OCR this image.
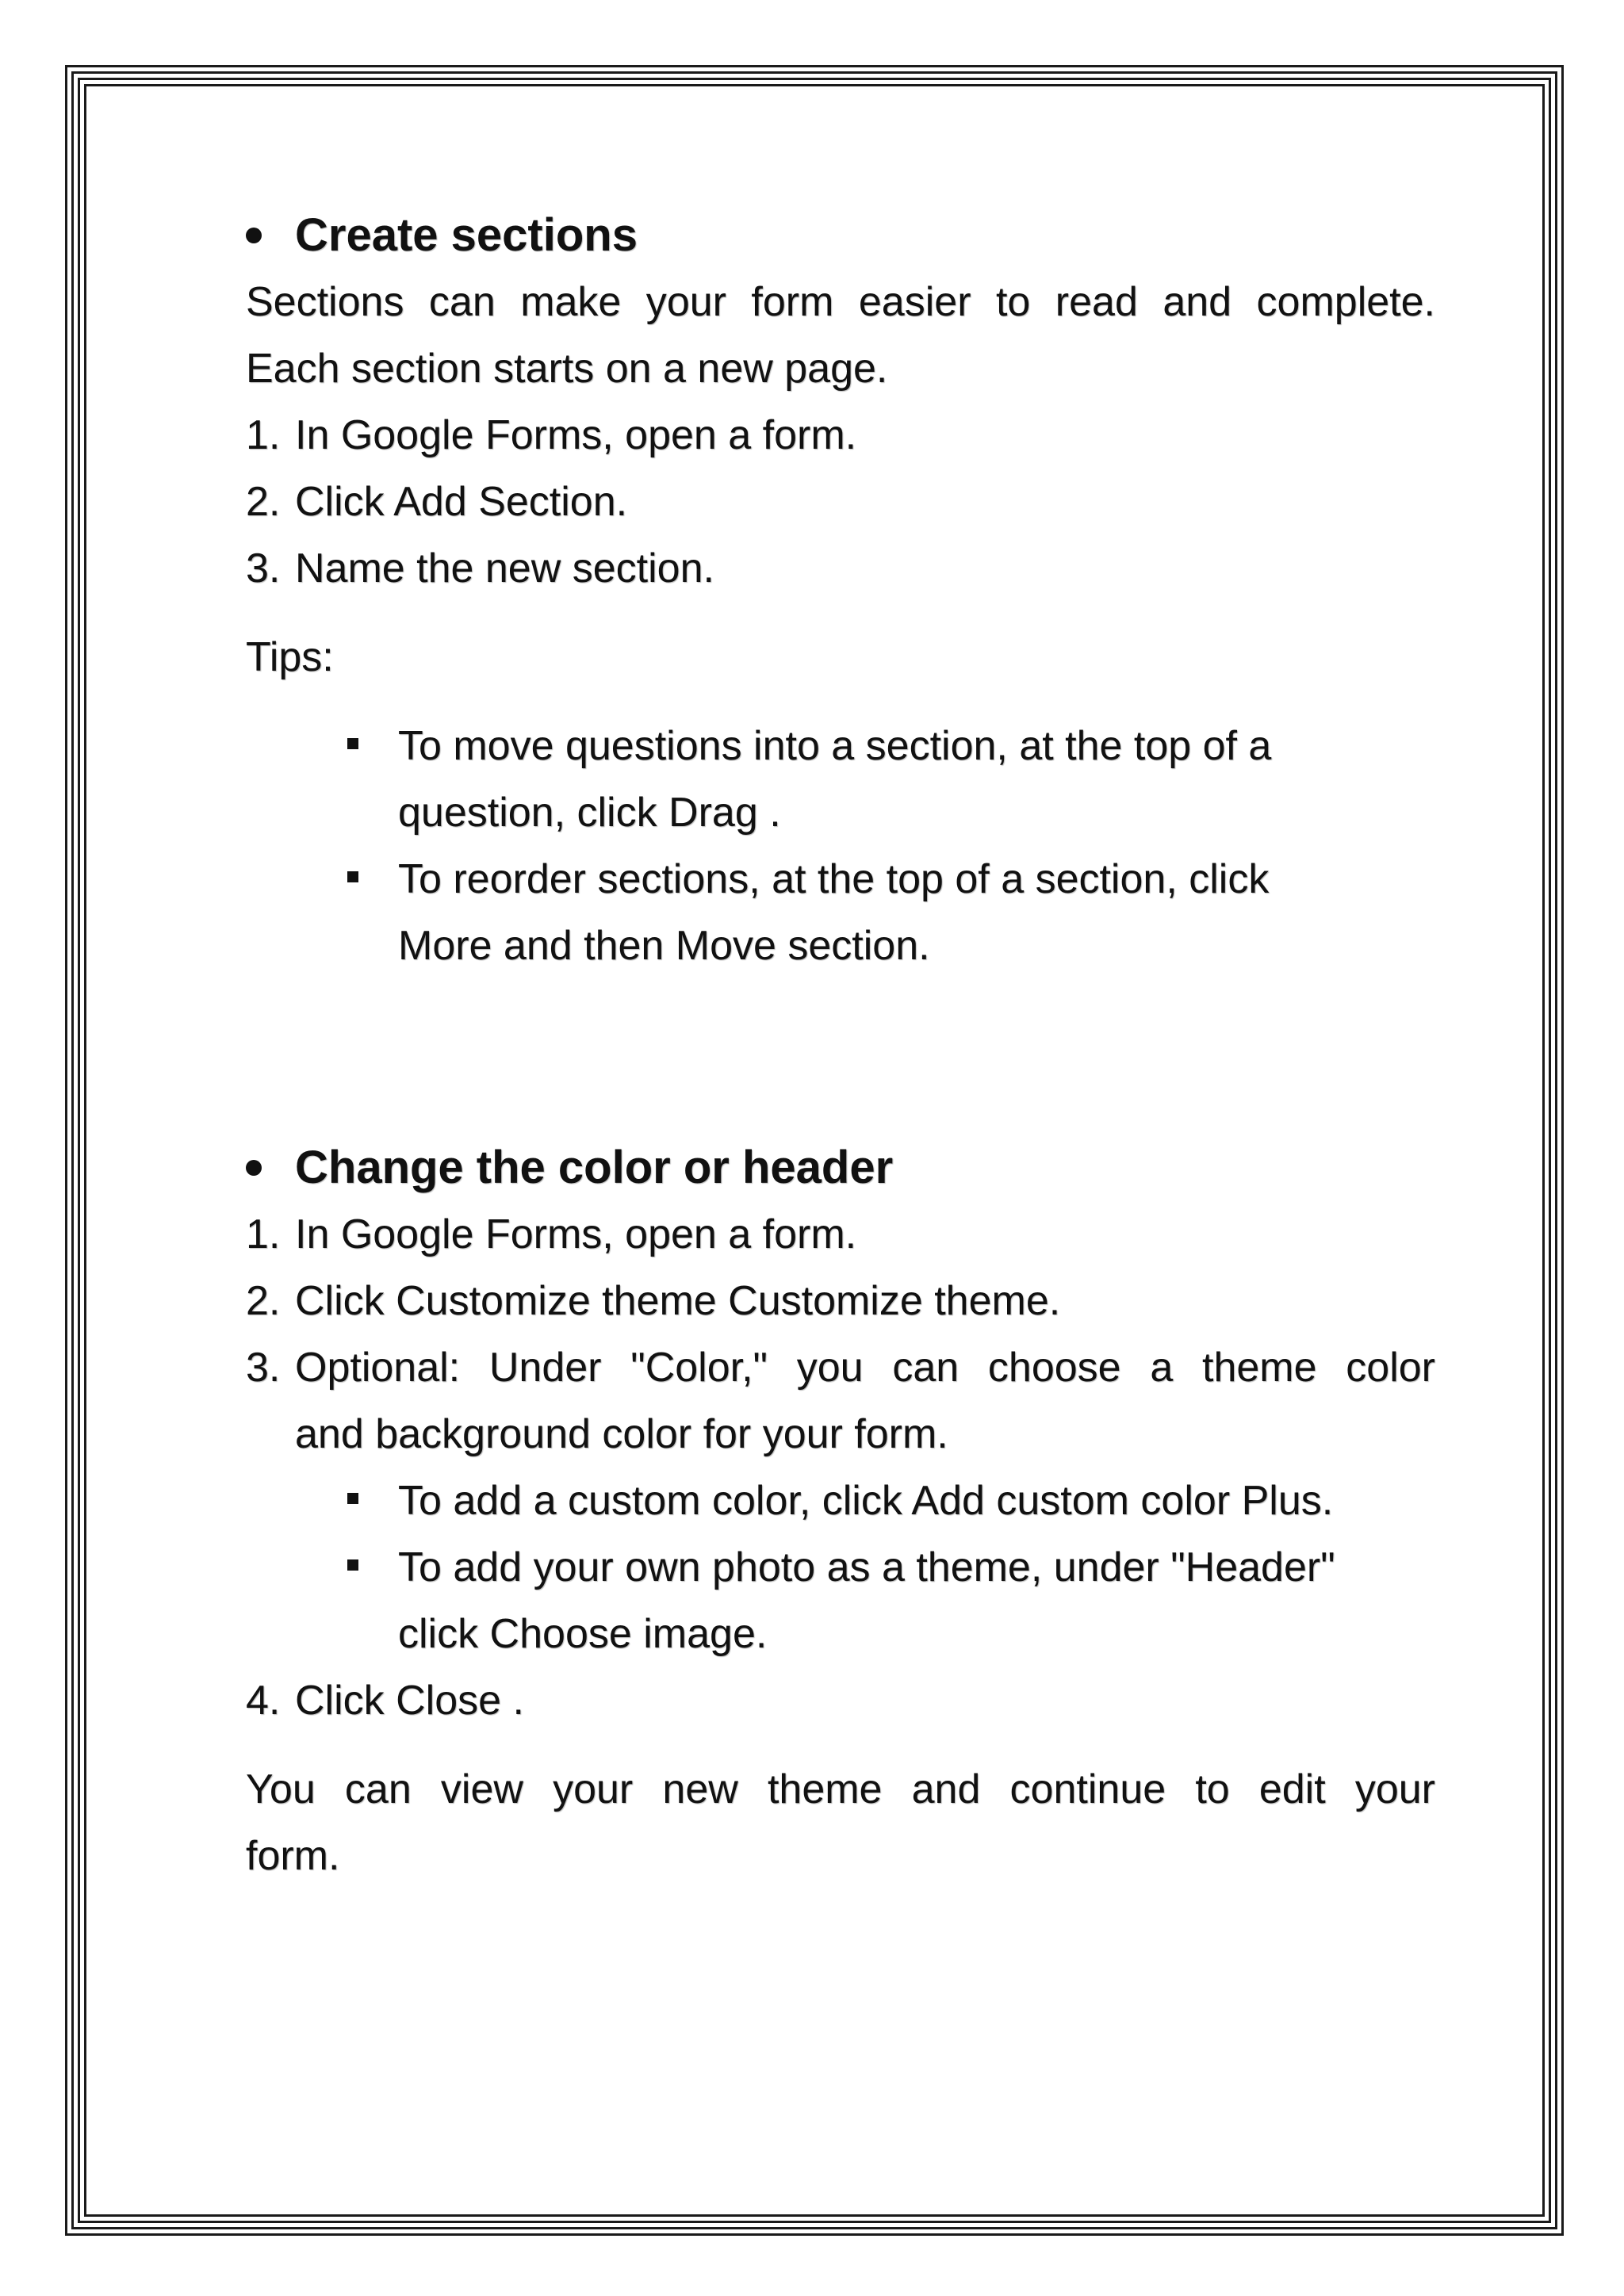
Create sections
Sections can make your form easier to read and complete.
Each section starts on a new page.
1. In Google Forms, open a form.
2. Click Add Section.
3. Name the new section.
Tips:
To move questions into a section, at the top of a
question, click Drag .
To reorder sections, at the top of a section, click
More and then Move section.
Change the color or header
1. In Google Forms, open a form.
2. Click Customize theme Customize theme.
3. Optional: Under "Color," you can choose a theme color
and background color for your form.
To add a custom color, click Add custom color Plus.
To add your own photo as a theme, under "Header"
click Choose image.
4. Click Close .
You can view your new theme and continue to edit your
form.
